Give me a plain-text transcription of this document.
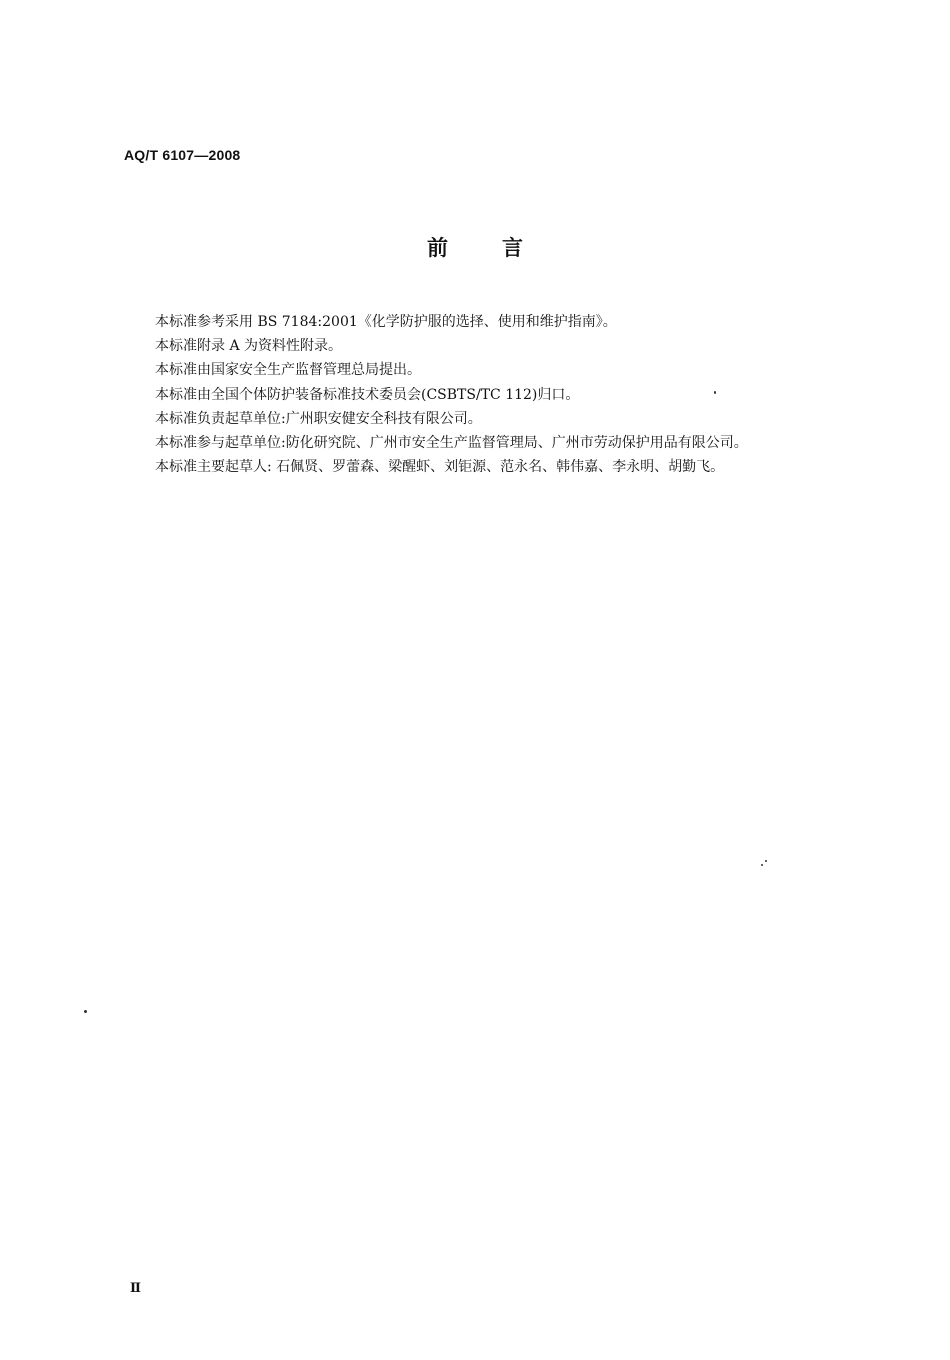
AQ/T 6107—2008
前	言

本标准参考采用 BS 7184:2001《化学防护服的选择、使用和维护指南》。

本标准附录 A 为资料性附录。

本标准由国家安全生产监督管理总局提出。

本标准由全国个体防护装备标准技术委员会(CSBTS/TC 112)归口。

本标准负责起草单位:广州职安健安全科技有限公司。

本标准参与起草单位:防化研究院、广州市安全生产监督管理局、广州市劳动保护用品有限公司。

本标准主要起草人: 石佩贤、罗蕾森、梁醒虾、刘钜源、范永名、韩伟嘉、李永明、胡勤飞。

Ⅱ
